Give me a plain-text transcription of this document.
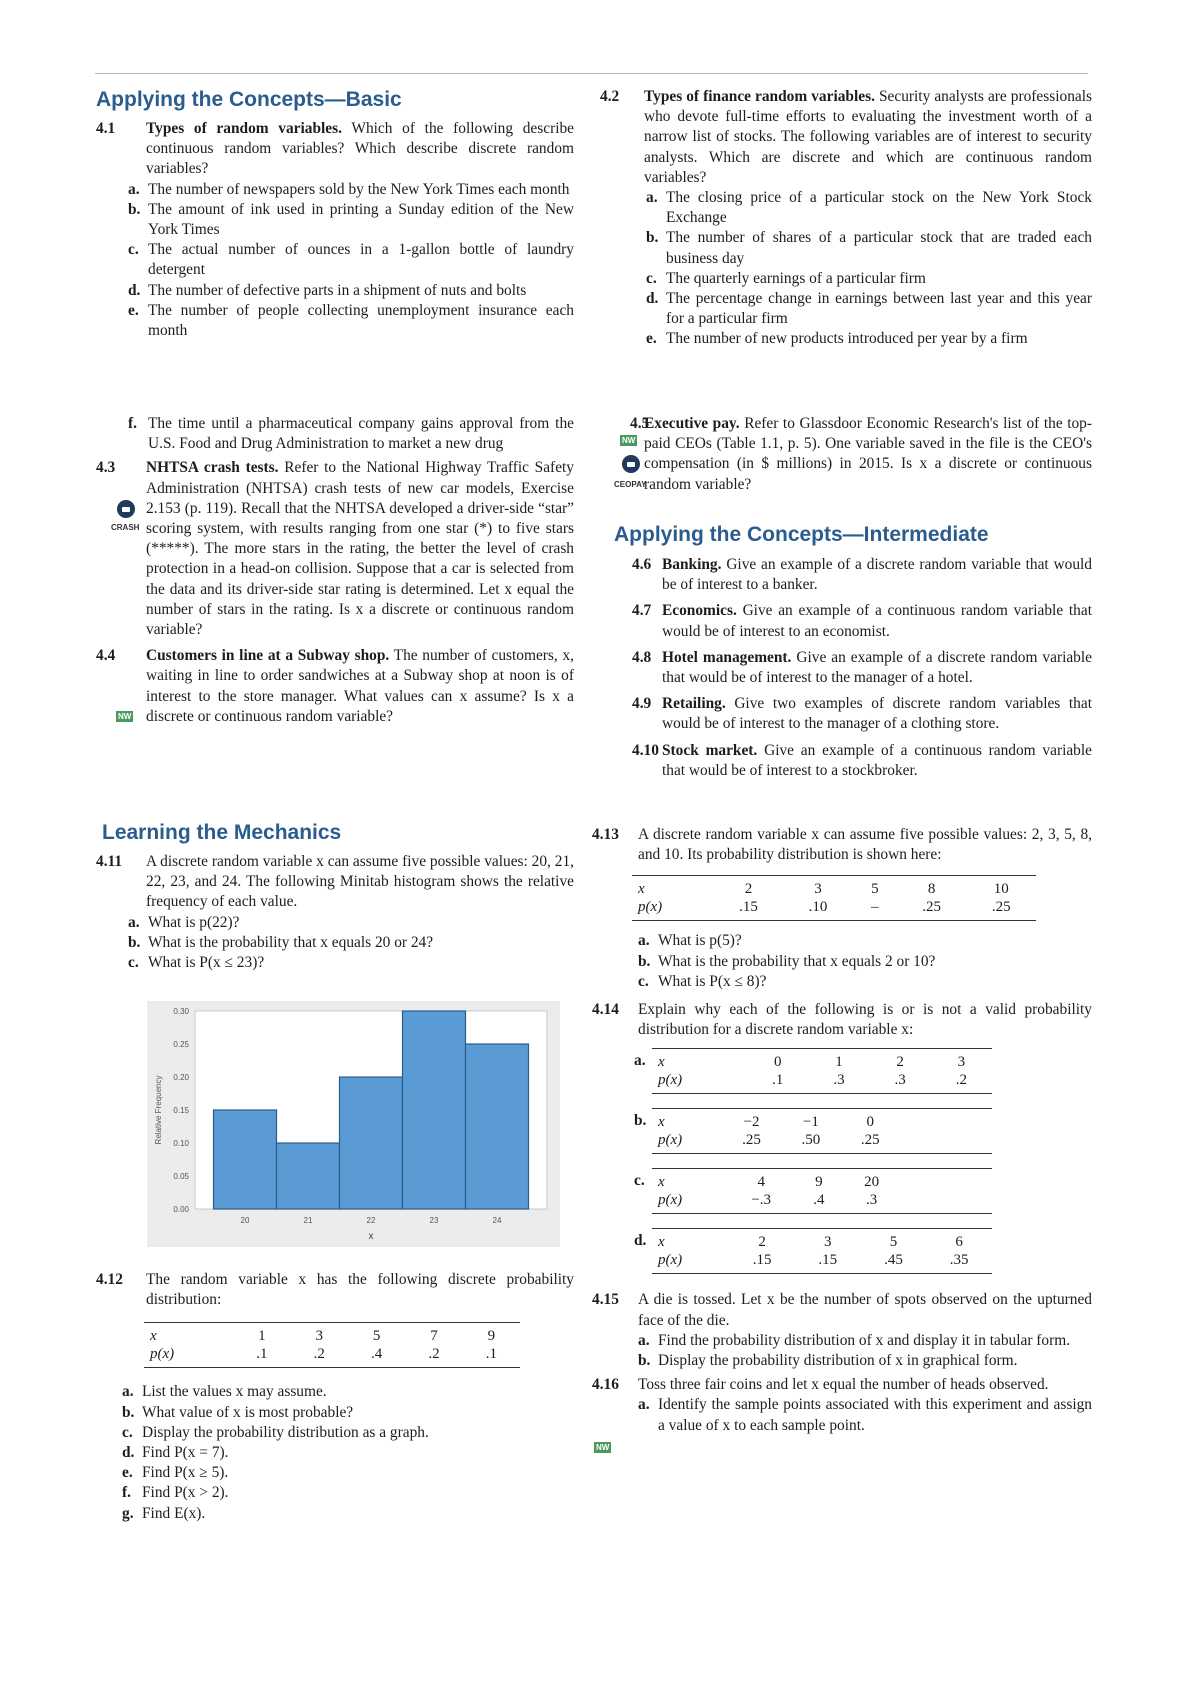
Applying the Concepts—Basic
4.1 Types of random variables. Which of the following describe continuous random variables? Which describe discrete random variables?
a. The number of newspapers sold by the New York Times each month
b. The amount of ink used in printing a Sunday edition of the New York Times
c. The actual number of ounces in a 1-gallon bottle of laundry detergent
d. The number of defective parts in a shipment of nuts and bolts
e. The number of people collecting unemployment insurance each month
f. The time until a pharmaceutical company gains approval from the U.S. Food and Drug Administration to market a new drug
4.3 NHTSA crash tests. Refer to the National Highway Traffic Safety Administration (NHTSA) crash tests of new car models, Exercise 2.153 (p. 119). Recall that the NHTSA developed a driver-side “star” scoring system, with results ranging from one star (*) to five stars (*****). The more stars in the rating, the better the level of crash protection in a head-on collision. Suppose that a car is selected from the data and its driver-side star rating is determined. Let x equal the number of stars in the rating. Is x a discrete or continuous random variable?
4.4 Customers in line at a Subway shop. The number of customers, x, waiting in line to order sandwiches at a Subway shop at noon is of interest to the store manager. What values can x assume? Is x a discrete or continuous random variable?
CRASH
NW
Learning the Mechanics
4.11 A discrete random variable x can assume five possible values: 20, 21, 22, 23, and 24. The following Minitab histogram shows the relative frequency of each value.
a. What is p(22)?
b. What is the probability that x equals 20 or 24?
c. What is P(x ≤ 23)?
20	21	22	23	24
0.00
0.05
0.10
0.15
0.20
0.25
0.30
x
Relative Frequency
4.12 The random variable x has the following discrete probability distribution:
x	1	3	5	7	9
p(x)	.1	.2	.4	.2	.1
a. List the values x may assume.
b. What value of x is most probable?
c. Display the probability distribution as a graph.
d. Find P(x = 7).
e. Find P(x ≥ 5).
f. Find P(x > 2).
g. Find E(x).
4.2 Types of finance random variables. Security analysts are professionals who devote full-time efforts to evaluating the investment worth of a narrow list of stocks. The following variables are of interest to security analysts. Which are discrete and which are continuous random variables?
a. The closing price of a particular stock on the New York Stock Exchange
b. The number of shares of a particular stock that are traded each business day
c. The quarterly earnings of a particular firm
d. The percentage change in earnings between last year and this year for a particular firm
e. The number of new products introduced per year by a firm
4.5
Executive pay. Refer to Glassdoor Economic Research's list of the top-paid CEOs (Table 1.1, p. 5). One variable saved in the file is the CEO's compensation (in $ millions) in 2015. Is x a discrete or continuous random variable?
NW
CEOPAY
Applying the Concepts—Intermediate
4.6 Banking. Give an example of a discrete random variable that would be of interest to a banker.
4.7 Economics. Give an example of a continuous random variable that would be of interest to an economist.
4.8 Hotel management. Give an example of a discrete random variable that would be of interest to the manager of a hotel.
4.9 Retailing. Give two examples of discrete random variables that would be of interest to the manager of a clothing store.
4.10 Stock market. Give an example of a continuous random variable that would be of interest to a stockbroker.
4.13 A discrete random variable x can assume five possible values: 2, 3, 5, 8, and 10. Its probability distribution is shown here:
x	2	3	5	8	10
p(x)	.15	.10	–	.25	.25
a. What is p(5)?
b. What is the probability that x equals 2 or 10?
c. What is P(x ≤ 8)?
4.14 Explain why each of the following is or is not a valid probability distribution for a discrete random variable x:
a. x	0	1	2	3
p(x)	.1	.3	.3	.2
b. x	−2	−1	0	
p(x)	.25	.50	.25	
c. x	4	9	20	
p(x)	−.3	.4	.3	
d. x	2	3	5	6
p(x)	.15	.15	.45	.35
4.15 A die is tossed. Let x be the number of spots observed on the upturned face of the die.
a. Find the probability distribution of x and display it in tabular form.
b. Display the probability distribution of x in graphical form.
4.16 Toss three fair coins and let x equal the number of heads observed.
a. Identify the sample points associated with this experiment and assign a value of x to each sample point.
NW
